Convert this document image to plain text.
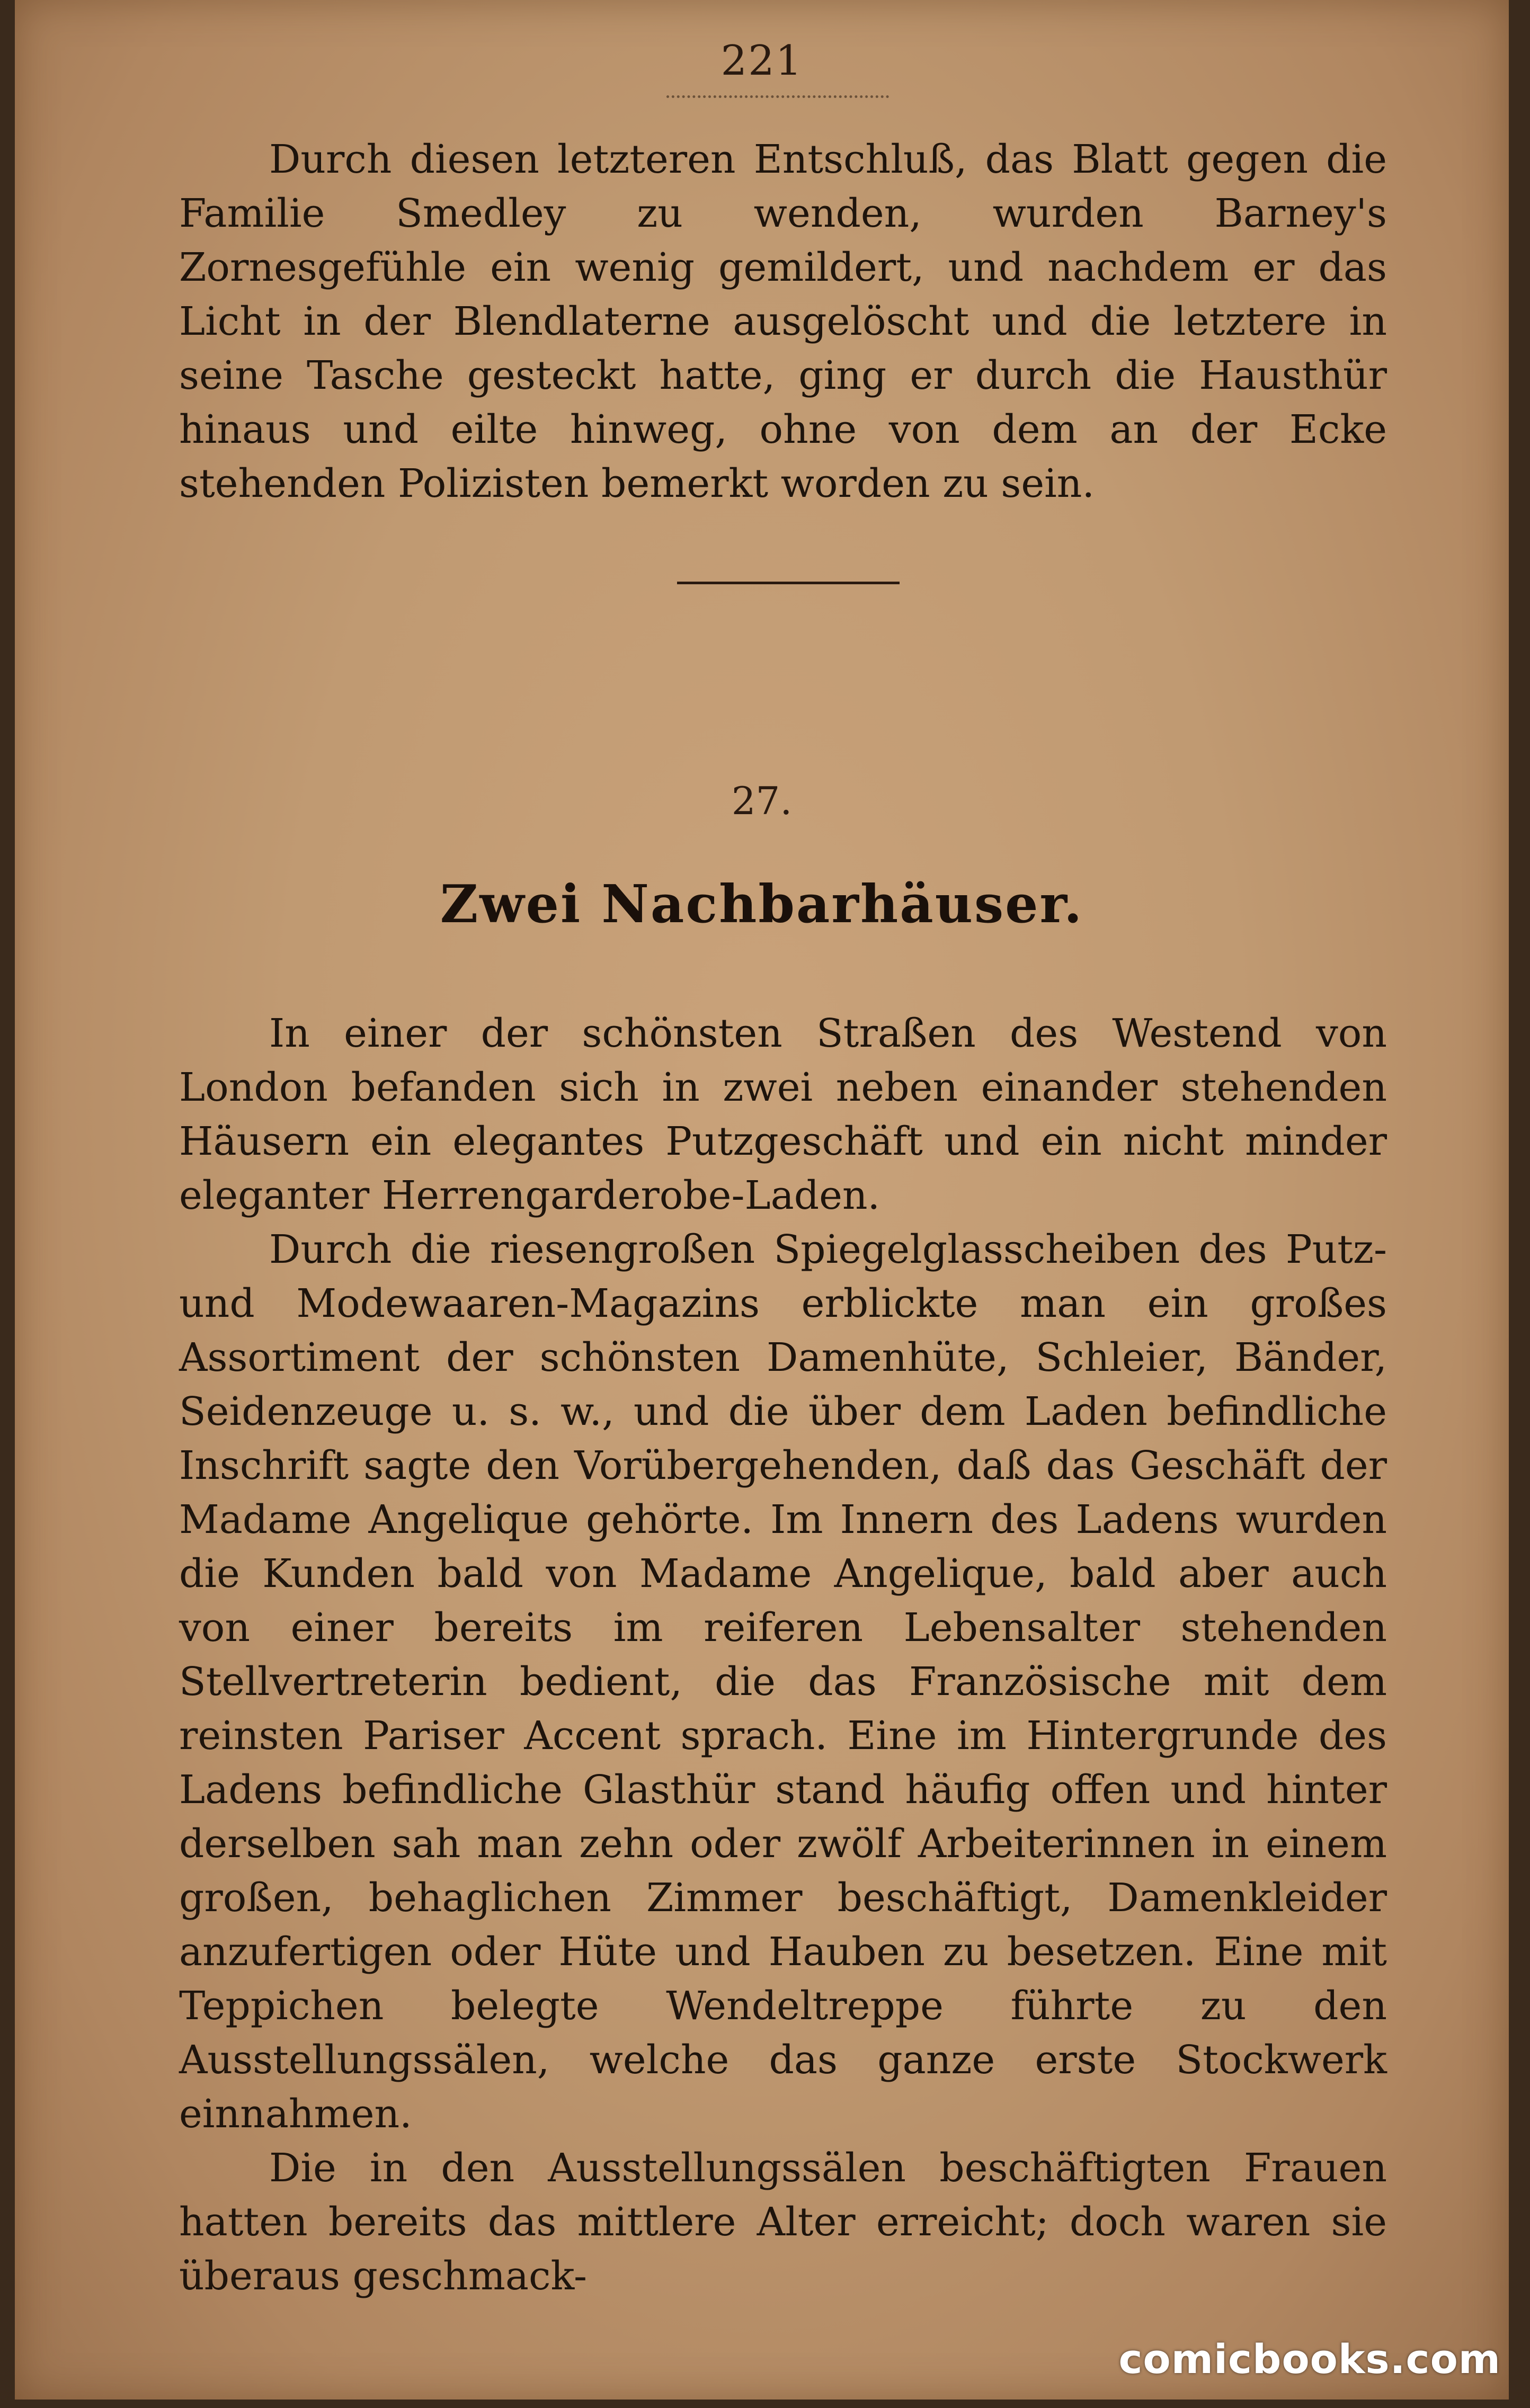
221

Durch diesen letzteren Entschluß, das Blatt gegen die Familie Smedley zu wenden, wurden Barney's Zornesgefühle ein wenig gemildert, und nachdem er das Licht in der Blendlaterne ausgelöscht und die letztere in seine Tasche gesteckt hatte, ging er durch die Hausthür hinaus und eilte hinweg, ohne von dem an der Ecke stehenden Polizisten bemerkt worden zu sein.

27.
Zwei Nachbarhäuser.

In einer der schönsten Straßen des Westend von London befanden sich in zwei neben einander stehenden Häusern ein elegantes Putzgeschäft und ein nicht minder eleganter Herrengarderobe-Laden.

Durch die riesengroßen Spiegelglasscheiben des Putz- und Modewaaren-Magazins erblickte man ein großes Assortiment der schönsten Damenhüte, Schleier, Bänder, Seidenzeuge u. s. w., und die über dem Laden befindliche Inschrift sagte den Vorübergehenden, daß das Geschäft der Madame Angelique gehörte. Im Innern des Ladens wurden die Kunden bald von Madame Angelique, bald aber auch von einer bereits im reiferen Lebensalter stehenden Stellvertreterin bedient, die das Französische mit dem reinsten Pariser Accent sprach. Eine im Hintergrunde des Ladens befindliche Glasthür stand häufig offen und hinter derselben sah man zehn oder zwölf Arbeiterinnen in einem großen, behaglichen Zimmer beschäftigt, Damenkleider anzufertigen oder Hüte und Hauben zu besetzen. Eine mit Teppichen belegte Wendeltreppe führte zu den Ausstellungssälen, welche das ganze erste Stockwerk einnahmen.

Die in den Ausstellungssälen beschäftigten Frauen hatten bereits das mittlere Alter erreicht; doch waren sie überaus geschmack-

comicbooks.com
